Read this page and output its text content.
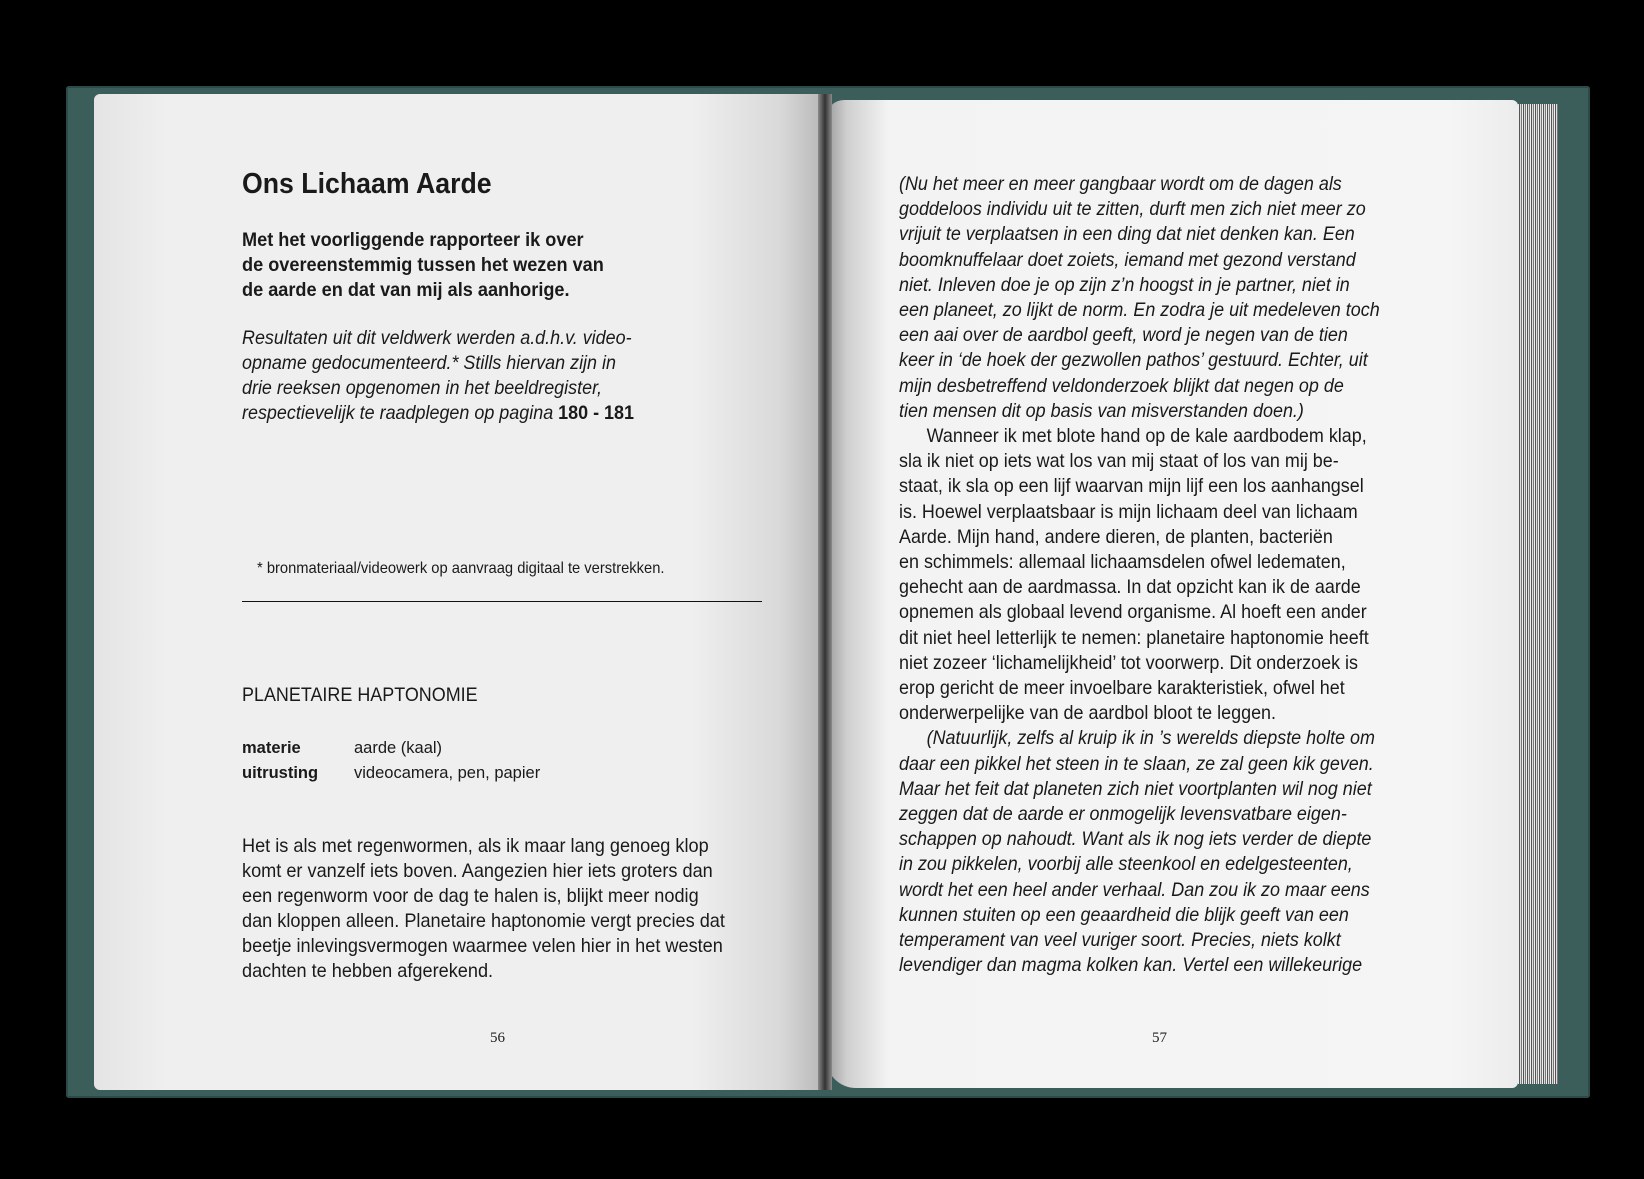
Ons Lichaam Aarde
Met het voorliggende rapporteer ik over
de overeenstemmig tussen het wezen van
de aarde en dat van mij als aanhorige.
Resultaten uit dit veldwerk werden a.d.h.v. video-
opname gedocumenteerd.* Stills hiervan zijn in
drie reeksen opgenomen in het beeldregister,
respectievelijk te raadplegen op pagina 180 - 181
* bronmateriaal/videowerk op aanvraag digitaal te verstrekken.
PLANETAIRE HAPTONOMIE
materie	aarde (kaal)
uitrusting videocamera, pen, papier
Het is als met regenwormen, als ik maar lang genoeg klop
komt er vanzelf iets boven. Aangezien hier iets groters dan
een regenworm voor de dag te halen is, blijkt meer nodig
dan kloppen alleen. Planetaire haptonomie vergt precies dat
beetje inlevingsvermogen waarmee velen hier in het westen
dachten te hebben afgerekend.
56
(Nu het meer en meer gangbaar wordt om de dagen als
goddeloos individu uit te zitten, durft men zich niet meer zo
vrijuit te verplaatsen in een ding dat niet denken kan. Een
boomknuffelaar doet zoiets, iemand met gezond verstand
niet. Inleven doe je op zijn z’n hoogst in je partner, niet in
een planeet, zo lijkt de norm. En zodra je uit medeleven toch
een aai over de aardbol geeft, word je negen van de tien
keer in ‘de hoek der gezwollen pathos’ gestuurd. Echter, uit
mijn desbetreffend veldonderzoek blijkt dat negen op de
tien mensen dit op basis van misverstanden doen.)
Wanneer ik met blote hand op de kale aardbodem klap,
sla ik niet op iets wat los van mij staat of los van mij be-
staat, ik sla op een lijf waarvan mijn lijf een los aanhangsel
is. Hoewel verplaatsbaar is mijn lichaam deel van lichaam
Aarde. Mijn hand, andere dieren, de planten, bacteriën
en schimmels: allemaal lichaamsdelen ofwel ledematen,
gehecht aan de aardmassa. In dat opzicht kan ik de aarde
opnemen als globaal levend organisme. Al hoeft een ander
dit niet heel letterlijk te nemen: planetaire haptonomie heeft
niet zozeer ‘lichamelijkheid’ tot voorwerp. Dit onderzoek is
erop gericht de meer invoelbare karakteristiek, ofwel het
onderwerpelijke van de aardbol bloot te leggen.
(Natuurlijk, zelfs al kruip ik in ’s werelds diepste holte om
daar een pikkel het steen in te slaan, ze zal geen kik geven.
Maar het feit dat planeten zich niet voortplanten wil nog niet
zeggen dat de aarde er onmogelijk levensvatbare eigen-
schappen op nahoudt. Want als ik nog iets verder de diepte
in zou pikkelen, voorbij alle steenkool en edelgesteenten,
wordt het een heel ander verhaal. Dan zou ik zo maar eens
kunnen stuiten op een geaardheid die blijk geeft van een
temperament van veel vuriger soort. Precies, niets kolkt
levendiger dan magma kolken kan. Vertel een willekeurige
57
